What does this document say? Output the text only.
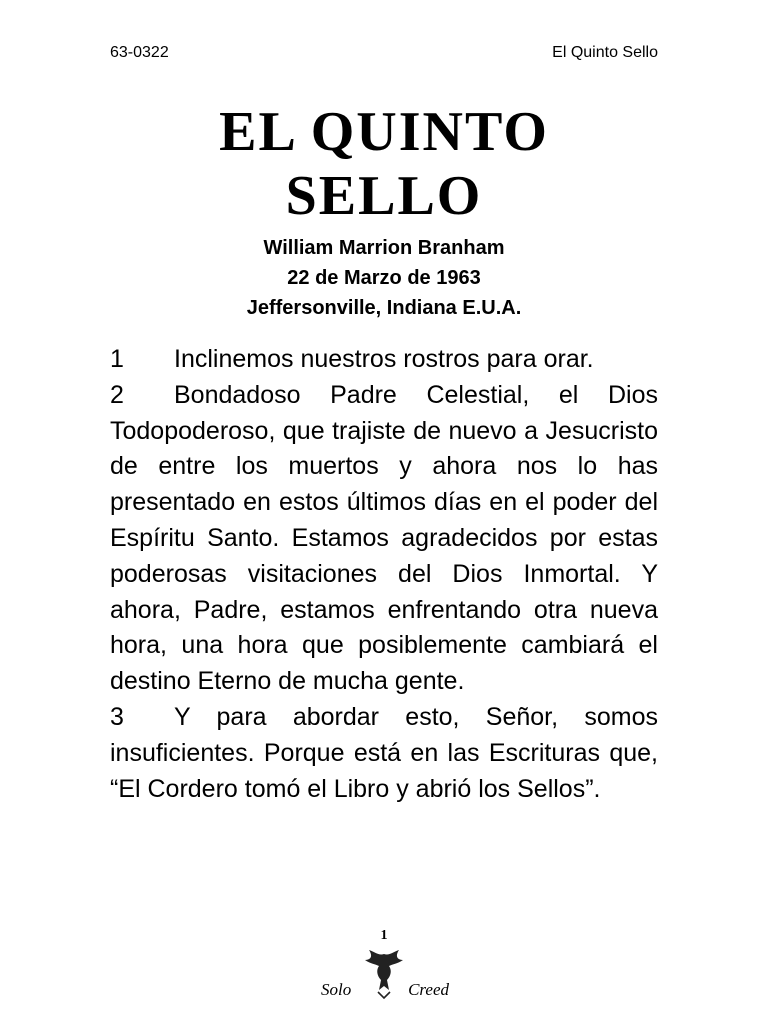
63-0322	El Quinto Sello
EL QUINTO
SELLO
William Marrion Branham
22 de Marzo de 1963
Jeffersonville, Indiana E.U.A.

1 Inclinemos nuestros rostros para orar.

2 Bondadoso Padre Celestial, el Dios Todopoderoso, que trajiste de nuevo a Jesucristo de entre los muertos y ahora nos lo has presentado en estos últimos días en el poder del Espíritu Santo. Estamos agradecidos por estas poderosas visitaciones del Dios Inmortal. Y ahora, Padre, estamos enfrentando otra nueva hora, una hora que posiblemente cambiará el destino Eterno de mucha gente.

3 Y para abordar esto, Señor, somos insuficientes. Porque está en las Escrituras que, “El Cordero tomó el Libro y abrió los Sellos”.

1
Solo	Creed
